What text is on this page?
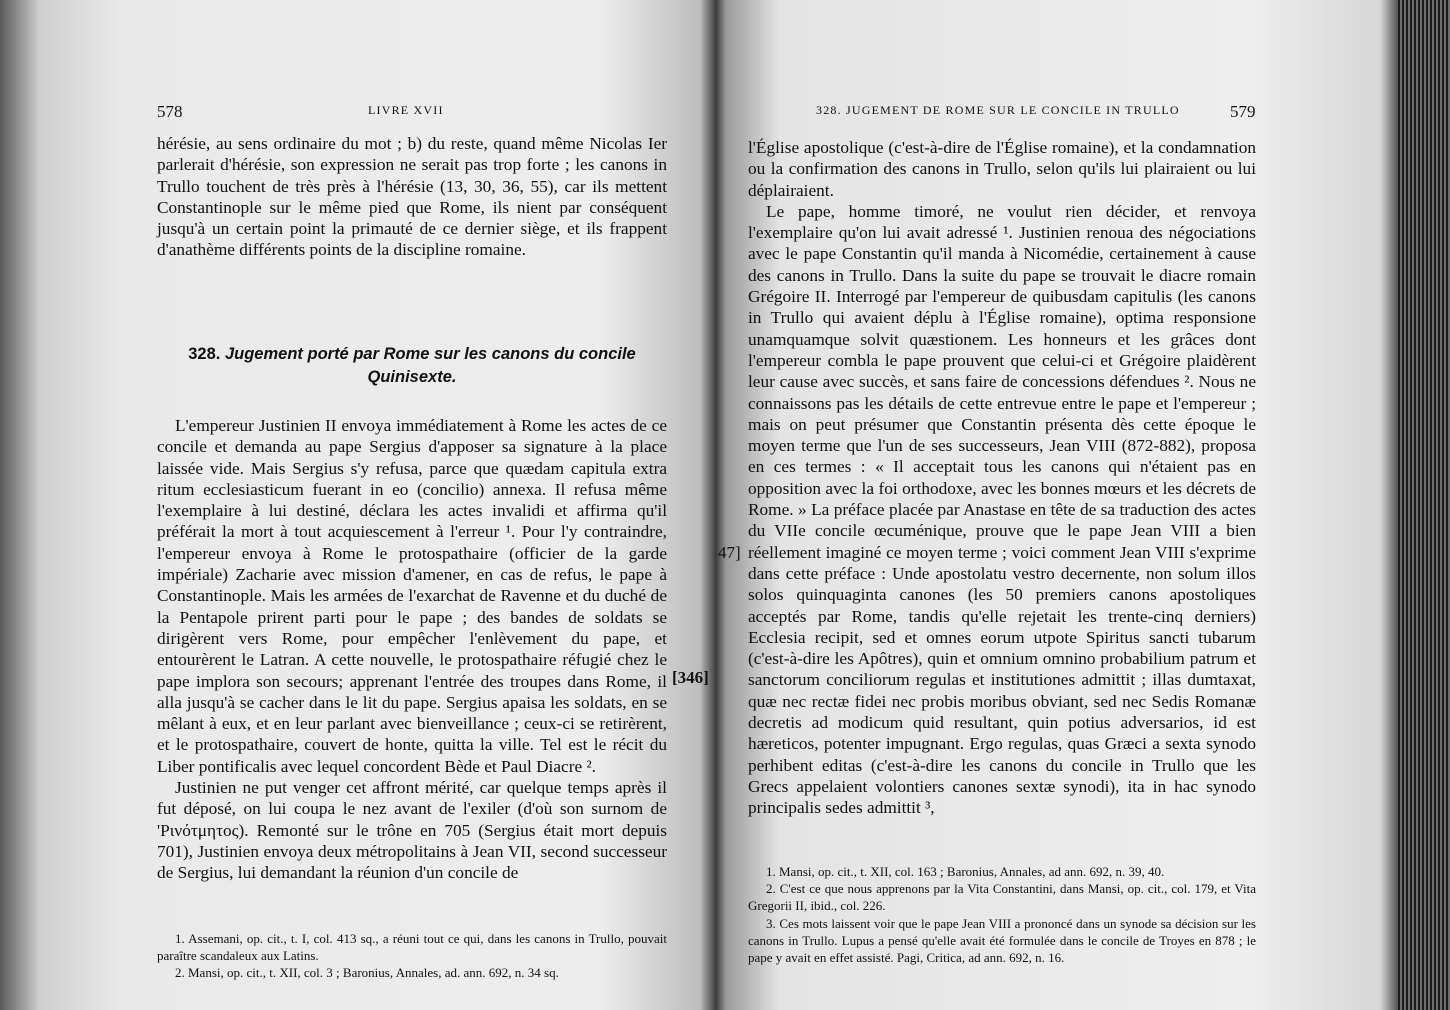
578	LIVRE XVII

hérésie, au sens ordinaire du mot ; b) du reste, quand même Nicolas Ier parlerait d'hérésie, son expression ne serait pas trop forte ; les canons in Trullo touchent de très près à l'hérésie (13, 30, 36, 55), car ils mettent Constantinople sur le même pied que Rome, ils nient par conséquent jusqu'à un certain point la primauté de ce dernier siège, et ils frappent d'anathème différents points de la discipline romaine.

328. Jugement porté par Rome sur les canons du concile Quinisexte.

L'empereur Justinien II envoya immédiatement à Rome les actes de ce concile et demanda au pape Sergius d'apposer sa signature à la place laissée vide. Mais Sergius s'y refusa, parce que quædam capitula extra ritum ecclesiasticum fuerant in eo (concilio) annexa. Il refusa même l'exemplaire à lui destiné, déclara les actes invalidi et affirma qu'il préférait la mort à tout acquiescement à l'erreur ¹. Pour l'y contraindre, l'empereur envoya à Rome le protospathaire (officier de la garde impériale) Zacharie avec mission d'amener, en cas de refus, le pape à Constantinople. Mais les armées de l'exarchat de Ravenne et du duché de la Pentapole prirent parti pour le pape ; des bandes de soldats se dirigèrent vers Rome, pour empêcher l'enlèvement du pape, et entourèrent le Latran. A cette nouvelle, le protospathaire réfugié chez le pape implora son secours; apprenant l'entrée des troupes dans Rome, il alla jusqu'à se cacher dans le lit du pape. Sergius apaisa les soldats, en se mêlant à eux, et en leur parlant avec bienveillance ; ceux-ci se retirèrent, et le protospathaire, couvert de honte, quitta la ville. Tel est le récit du Liber pontificalis avec lequel concordent Bède et Paul Diacre ².

Justinien ne put venger cet affront mérité, car quelque temps après il fut déposé, on lui coupa le nez avant de l'exiler (d'où son surnom de 'Ρινότμητος). Remonté sur le trône en 705 (Sergius était mort depuis 701), Justinien envoya deux métropolitains à Jean VII, second successeur de Sergius, lui demandant la réunion d'un concile de

1. Assemani, op. cit., t. I, col. 413 sq., a réuni tout ce qui, dans les canons in Trullo, pouvait paraître scandaleux aux Latins.

2. Mansi, op. cit., t. XII, col. 3 ; Baronius, Annales, ad. ann. 692, n. 34 sq.

[346]
328. JUGEMENT DE ROME SUR LE CONCILE IN TRULLO	579
47]

l'Église apostolique (c'est-à-dire de l'Église romaine), et la condamnation ou la confirmation des canons in Trullo, selon qu'ils lui plairaient ou lui déplairaient.

Le pape, homme timoré, ne voulut rien décider, et renvoya l'exemplaire qu'on lui avait adressé ¹. Justinien renoua des négociations avec le pape Constantin qu'il manda à Nicomédie, certainement à cause des canons in Trullo. Dans la suite du pape se trouvait le diacre romain Grégoire II. Interrogé par l'empereur de quibusdam capitulis (les canons in Trullo qui avaient déplu à l'Église romaine), optima responsione unamquamque solvit quæstionem. Les honneurs et les grâces dont l'empereur combla le pape prouvent que celui-ci et Grégoire plaidèrent leur cause avec succès, et sans faire de concessions défendues ². Nous ne connaissons pas les détails de cette entrevue entre le pape et l'empereur ; mais on peut présumer que Constantin présenta dès cette époque le moyen terme que l'un de ses successeurs, Jean VIII (872-882), proposa en ces termes : « Il acceptait tous les canons qui n'étaient pas en opposition avec la foi orthodoxe, avec les bonnes mœurs et les décrets de Rome. » La préface placée par Anastase en tête de sa traduction des actes du VIIe concile œcuménique, prouve que le pape Jean VIII a bien réellement imaginé ce moyen terme ; voici comment Jean VIII s'exprime dans cette préface : Unde apostolatu vestro decernente, non solum illos solos quinquaginta canones (les 50 premiers canons apostoliques acceptés par Rome, tandis qu'elle rejetait les trente-cinq derniers) Ecclesia recipit, sed et omnes eorum utpote Spiritus sancti tubarum (c'est-à-dire les Apôtres), quin et omnium omnino probabilium patrum et sanctorum conciliorum regulas et institutiones admittit ; illas dumtaxat, quæ nec rectæ fidei nec probis moribus obviant, sed nec Sedis Romanæ decretis ad modicum quid resultant, quin potius adversarios, id est hæreticos, potenter impugnant. Ergo regulas, quas Græci a sexta synodo perhibent editas (c'est-à-dire les canons du concile in Trullo que les Grecs appelaient volontiers canones sextæ synodi), ita in hac synodo principalis sedes admittit ³,

1. Mansi, op. cit., t. XII, col. 163 ; Baronius, Annales, ad ann. 692, n. 39, 40.

2. C'est ce que nous apprenons par la Vita Constantini, dans Mansi, op. cit., col. 179, et Vita Gregorii II, ibid., col. 226.

3. Ces mots laissent voir que le pape Jean VIII a prononcé dans un synode sa décision sur les canons in Trullo. Lupus a pensé qu'elle avait été formulée dans le concile de Troyes en 878 ; le pape y avait en effet assisté. Pagi, Critica, ad ann. 692, n. 16.
